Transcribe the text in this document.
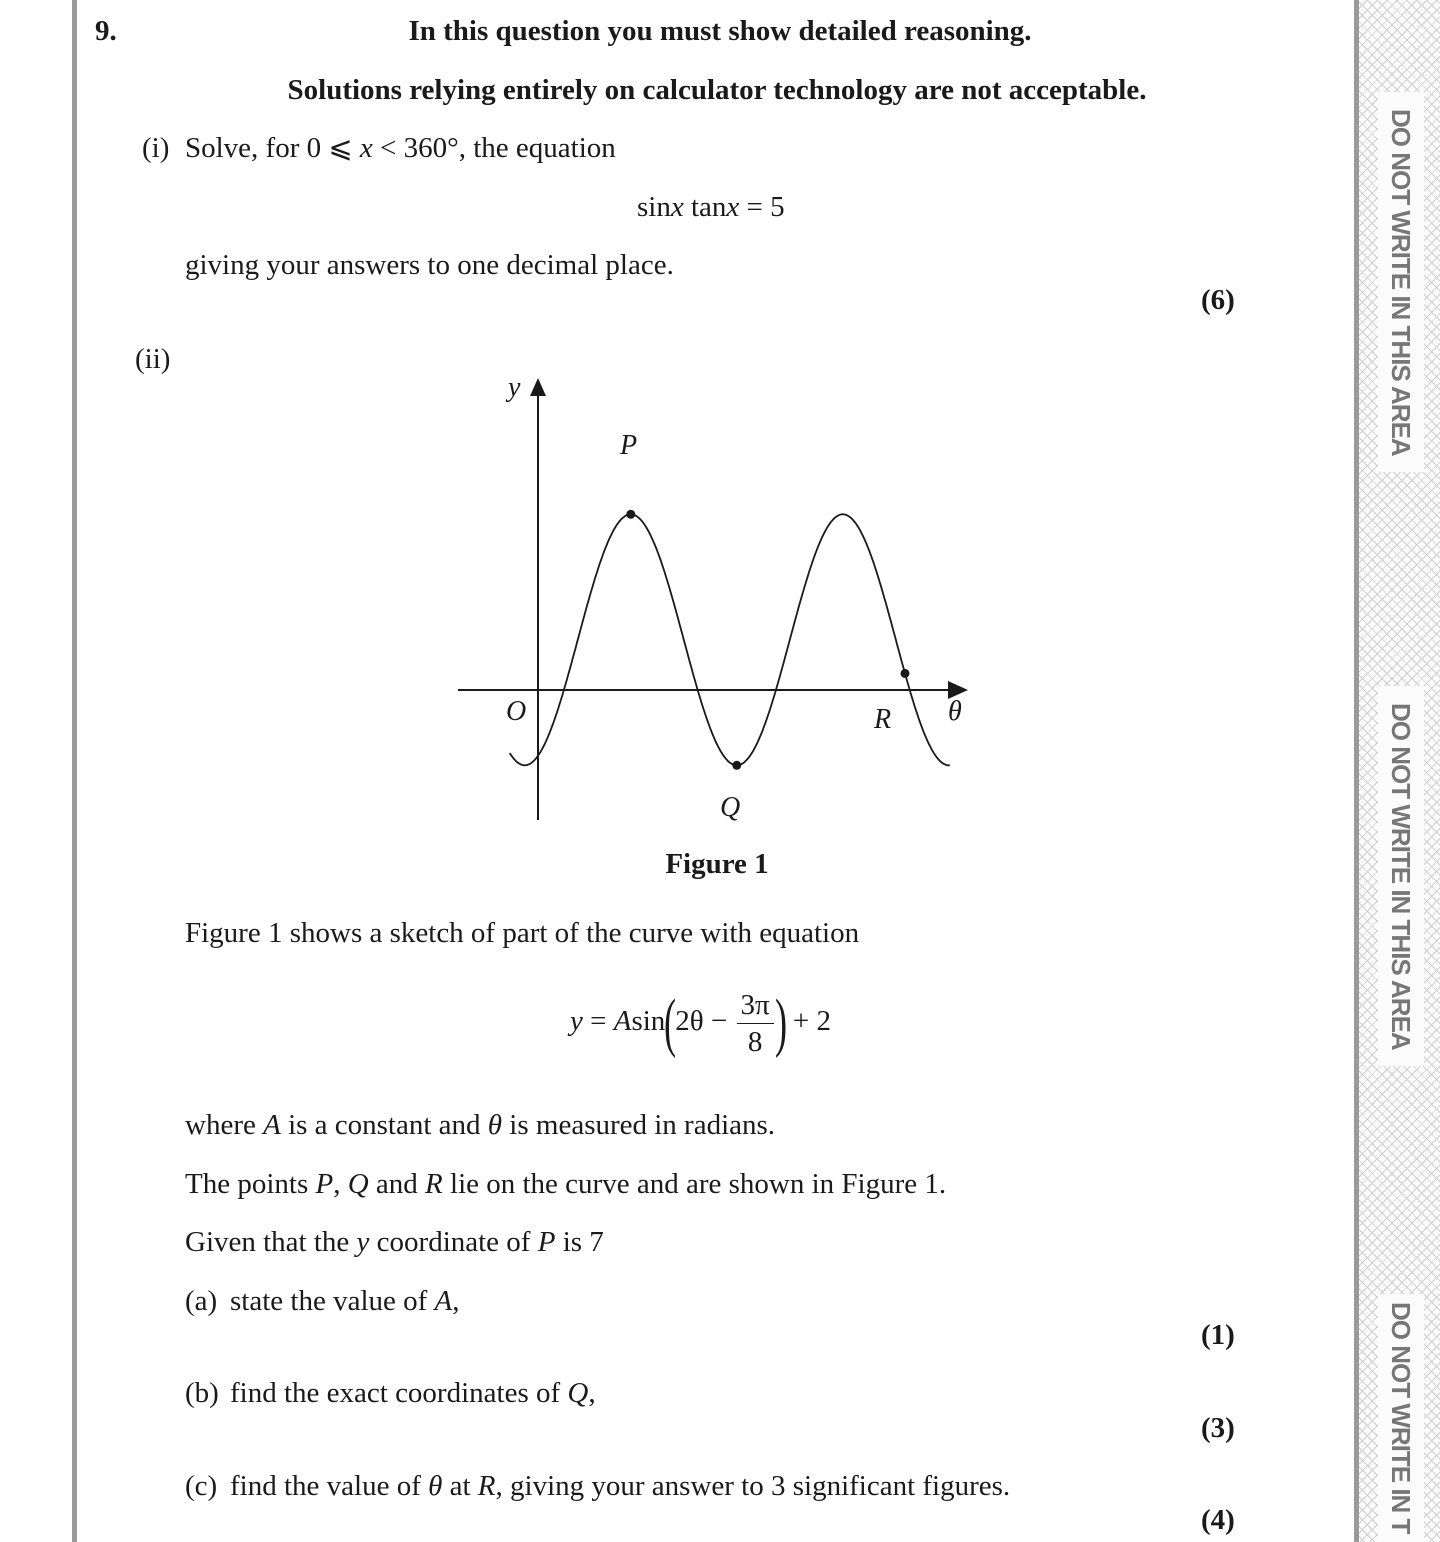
DO NOT WRITE IN THIS AREA
DO NOT WRITE IN THIS AREA
DO NOT WRITE IN T
9.	In this question you must show detailed reasoning.
Solutions relying entirely on calculator technology are not acceptable.
(i) Solve, for 0 ⩽ x < 360°, the equation
sinx tanx = 5
giving your answers to one decimal place.
(6)
(ii)
y
θ
O
P
Q
R
Figure 1
Figure 1 shows a sketch of part of the curve with equation
$y = Asin(2\theta - \frac{3\pi}{8}$ ) + 2
where A is a constant and θ is measured in radians.
The points P, Q and R lie on the curve and are shown in Figure 1.
Given that the y coordinate of P is 7
(a) state the value of A,
(1)
(b) find the exact coordinates of Q,
(3)
(c) find the value of θ at R, giving your answer to 3 significant figures.
(4)
